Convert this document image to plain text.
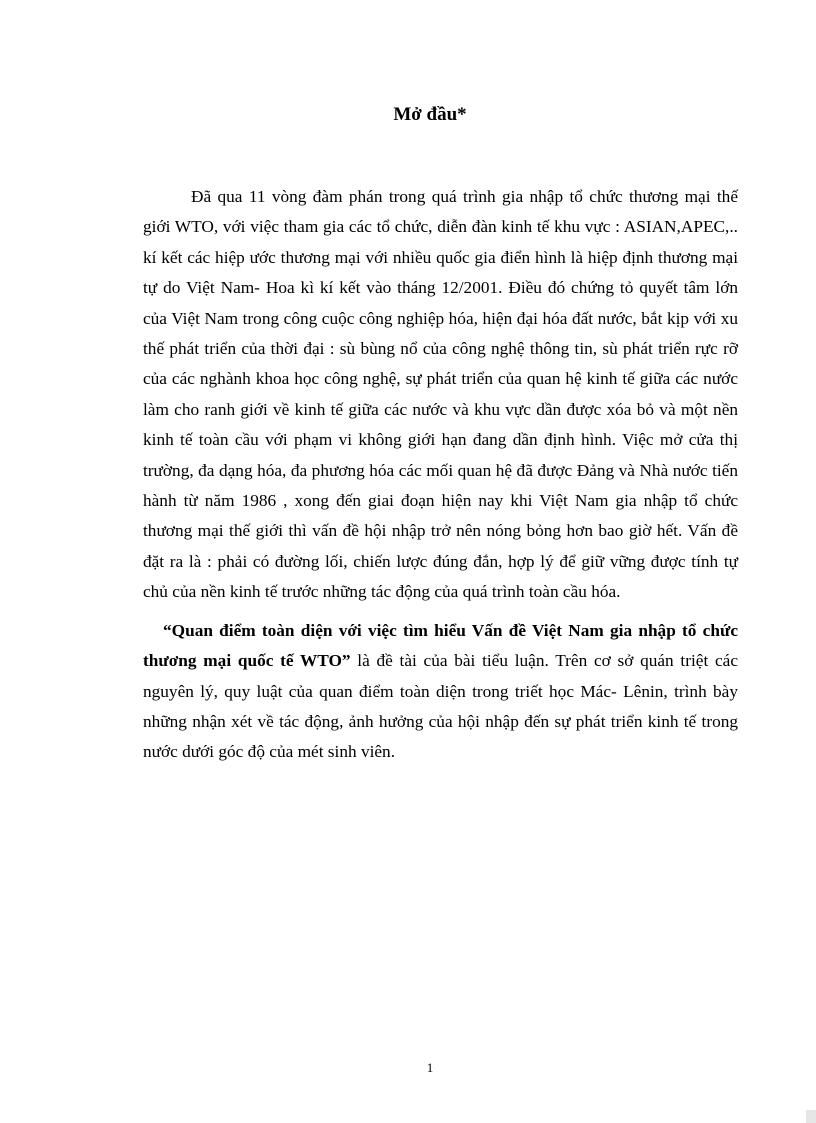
Mở đầu*

Đã qua 11 vòng đàm phán trong quá trình gia nhập tổ chức thương mại thế giới WTO, với việc tham gia các tổ chức, diễn đàn kinh tế khu vực : ASIAN,APEC,.. kí kết các hiệp ước thương mại với nhiều quốc gia điển hình là hiệp định thương mại tự do Việt Nam- Hoa kì kí kết vào tháng 12/2001. Điều đó chứng tỏ quyết tâm lớn của Việt Nam trong công cuộc công nghiệp hóa, hiện đại hóa đất nước, bắt kịp với xu thế phát triển của thời đại : sù bùng nổ của công nghệ thông tin, sù phát triển rực rỡ của các nghành khoa học công nghệ, sự phát triển của quan hệ kinh tế giữa các nước làm cho ranh giới về kinh tế giữa các nước và khu vực dần được xóa bỏ và một nền kinh tế toàn cầu với phạm vi không giới hạn đang dần định hình. Việc mở cửa thị trường, đa dạng hóa, đa phương hóa các mối quan hệ đã được Đảng và Nhà nước tiến hành từ năm 1986 , xong đến giai đoạn hiện nay khi Việt Nam gia nhập tổ chức thương mại thế giới thì vấn đề hội nhập trở nên nóng bỏng hơn bao giờ hết. Vấn đề đặt ra là : phải có đường lối, chiến lược đúng đắn, hợp lý để giữ vững được tính tự chủ của nền kinh tế trước những tác động của quá trình toàn cầu hóa.

“Quan điểm toàn diện với việc tìm hiểu Vấn đề Việt Nam gia nhập tổ chức thương mại quốc tế WTO” là đề tài của bài tiểu luận. Trên cơ sở quán triệt các nguyên lý, quy luật của quan điểm toàn diện trong triết học Mác- Lênin, trình bày những nhận xét về tác động, ảnh hưởng của hội nhập đến sự phát triển kinh tế trong nước dưới góc độ của mét sinh viên.

1
